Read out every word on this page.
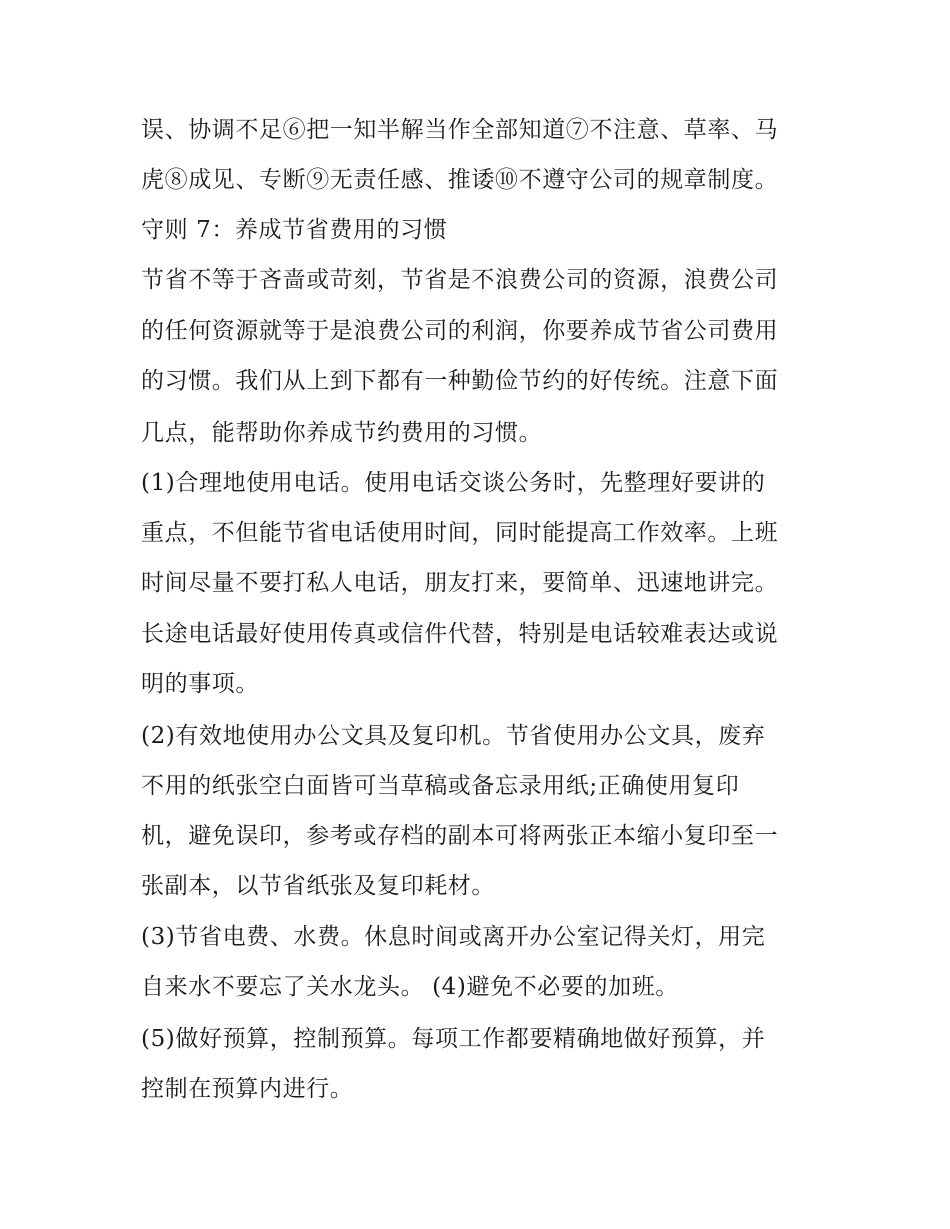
误、协调不足⑥把一知半解当作全部知道⑦不注意、草率、马

虎⑧成见、专断⑨无责任感、推诿⑩不遵守公司的规章制度。

守则 7：养成节省费用的习惯

节省不等于吝啬或苛刻，节省是不浪费公司的资源，浪费公司

的任何资源就等于是浪费公司的利润，你要养成节省公司费用

的习惯。我们从上到下都有一种勤俭节约的好传统。注意下面

几点，能帮助你养成节约费用的习惯。

(1)合理地使用电话。使用电话交谈公务时，先整理好要讲的

重点，不但能节省电话使用时间，同时能提高工作效率。上班

时间尽量不要打私人电话，朋友打来，要简单、迅速地讲完。

长途电话最好使用传真或信件代替，特别是电话较难表达或说

明的事项。

(2)有效地使用办公文具及复印机。节省使用办公文具，废弃

不用的纸张空白面皆可当草稿或备忘录用纸;正确使用复印

机，避免误印，参考或存档的副本可将两张正本缩小复印至一

张副本，以节省纸张及复印耗材。

(3)节省电费、水费。休息时间或离开办公室记得关灯，用完

自来水不要忘了关水龙头。 (4)避免不必要的加班。

(5)做好预算，控制预算。每项工作都要精确地做好预算，并

控制在预算内进行。
